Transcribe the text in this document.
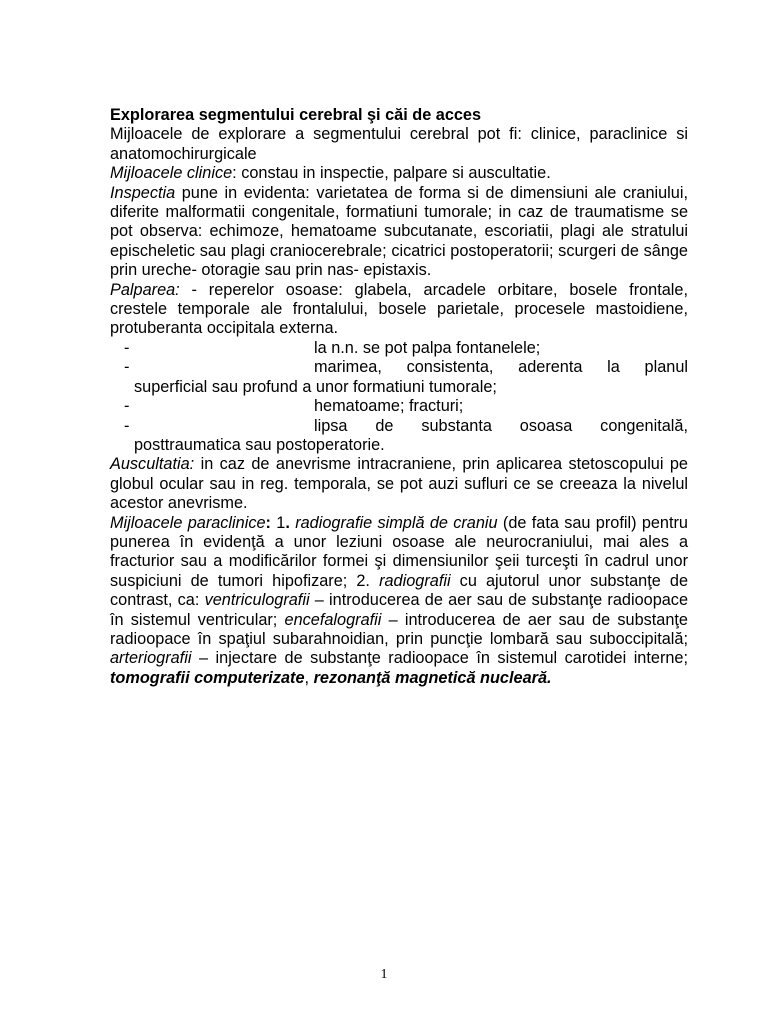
Explorarea segmentului cerebral şi căi de acces
Mijloacele de explorare a segmentului cerebral pot fi: clinice, paraclinice si anatomochirurgicale
Mijloacele clinice: constau in inspectie, palpare si auscultatie.
Inspectia pune in evidenta: varietatea de forma si de dimensiuni ale craniului, diferite malformatii congenitale, formatiuni tumorale; in caz de traumatisme se pot observa: echimoze, hematoame subcutanate, escoriatii, plagi ale stratului epischeletic sau plagi craniocerebrale; cicatrici postoperatorii; scurgeri de sânge prin ureche- otoragie sau prin nas- epistaxis.
Palparea: - reperelor osoase: glabela, arcadele orbitare, bosele frontale, crestele temporale ale frontalului, bosele parietale, procesele mastoidiene, protuberanta occipitala externa.
-	la n.n. se pot palpa fontanelele;
-	marimea, consistenta, aderenta la planul
superficial sau profund a unor formatiuni tumorale;
-	hematoame; fracturi;
-	lipsa de substanta osoasa congenitală,
posttraumatica sau postoperatorie.
Auscultatia: in caz de anevrisme intracraniene, prin aplicarea stetoscopului pe globul ocular sau in reg. temporala, se pot auzi sufluri ce se creeaza la nivelul acestor anevrisme.
Mijloacele paraclinice: 1. radiografie simplă de craniu (de fata sau profil) pentru punerea în evidenţă a unor leziuni osoase ale neurocraniului, mai ales a fracturior sau a modificărilor formei şi dimensiunilor şeii turceşti în cadrul unor suspiciuni de tumori hipofizare; 2. radiografii cu ajutorul unor substanţe de contrast, ca: ventriculografii – introducerea de aer sau de substanţe radioopace în sistemul ventricular; encefalografii – introducerea de aer sau de substanţe radioopace în spaţiul subarahnoidian, prin puncţie lombară sau suboccipitală; arteriografii – injectare de substanţe radioopace în sistemul carotidei interne; tomografii computerizate, rezonanţă magnetică nucleară.
1
